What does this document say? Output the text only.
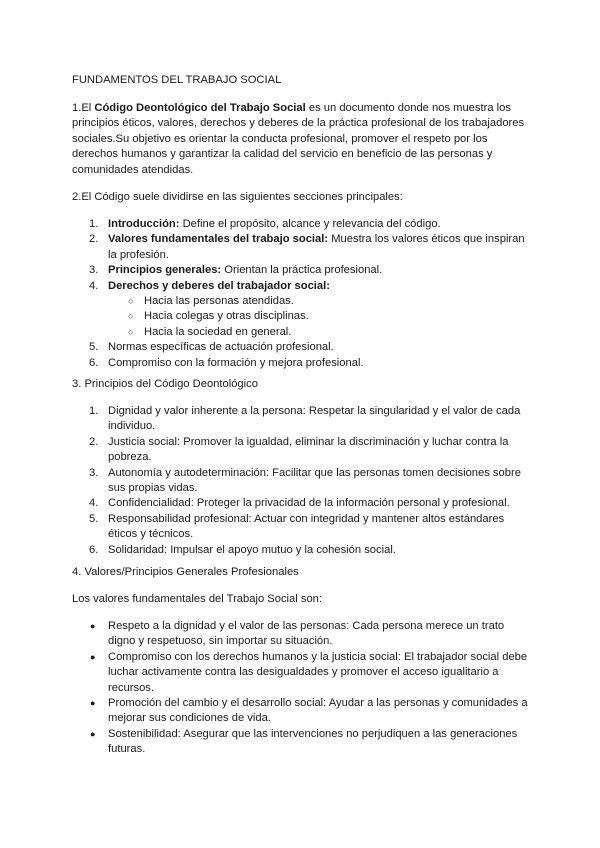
FUNDAMENTOS DEL TRABAJO SOCIAL

1.El Código Deontológico del Trabajo Social es un documento donde nos muestra los principios éticos, valores, derechos y deberes de la práctica profesional de los trabajadores sociales.Su objetivo es orientar la conducta profesional, promover el respeto por los derechos humanos y garantizar la calidad del servicio en beneficio de las personas y comunidades atendidas.

2.El Código suele dividirse en las siguientes secciones principales:

1. Introducción: Define el propósito, alcance y relevancia del código.
2. Valores fundamentales del trabajo social: Muestra los valores éticos que inspiran la profesión.
3. Principios generales: Orientan la práctica profesional.
4. Derechos y deberes del trabajador social:
○ Hacia las personas atendidas.
○ Hacia colegas y otras disciplinas.
○ Hacia la sociedad en general.
5. Normas específicas de actuación profesional.
6. Compromiso con la formación y mejora profesional.

3. Principios del Código Deontológico

1. Dignidad y valor inherente a la persona: Respetar la singularidad y el valor de cada individuo.
2. Justicia social: Promover la igualdad, eliminar la discriminación y luchar contra la pobreza.
3. Autonomía y autodeterminación: Facilitar que las personas tomen decisiones sobre sus propias vidas.
4. Confidencialidad: Proteger la privacidad de la información personal y profesional.
5. Responsabilidad profesional: Actuar con integridad y mantener altos estándares éticos y técnicos.
6. Solidaridad: Impulsar el apoyo mutuo y la cohesión social.

4. Valores/Principios Generales Profesionales

Los valores fundamentales del Trabajo Social son:

●	Respeto a la dignidad y el valor de las personas: Cada persona merece un trato digno y respetuoso, sin importar su situación.
●	Compromiso con los derechos humanos y la justicia social: El trabajador social debe luchar activamente contra las desigualdades y promover el acceso igualitario a recursos.
●	Promoción del cambio y el desarrollo social: Ayudar a las personas y comunidades a mejorar sus condiciones de vida.
●	Sostenibilidad: Asegurar que las intervenciones no perjudiquen a las generaciones futuras.
